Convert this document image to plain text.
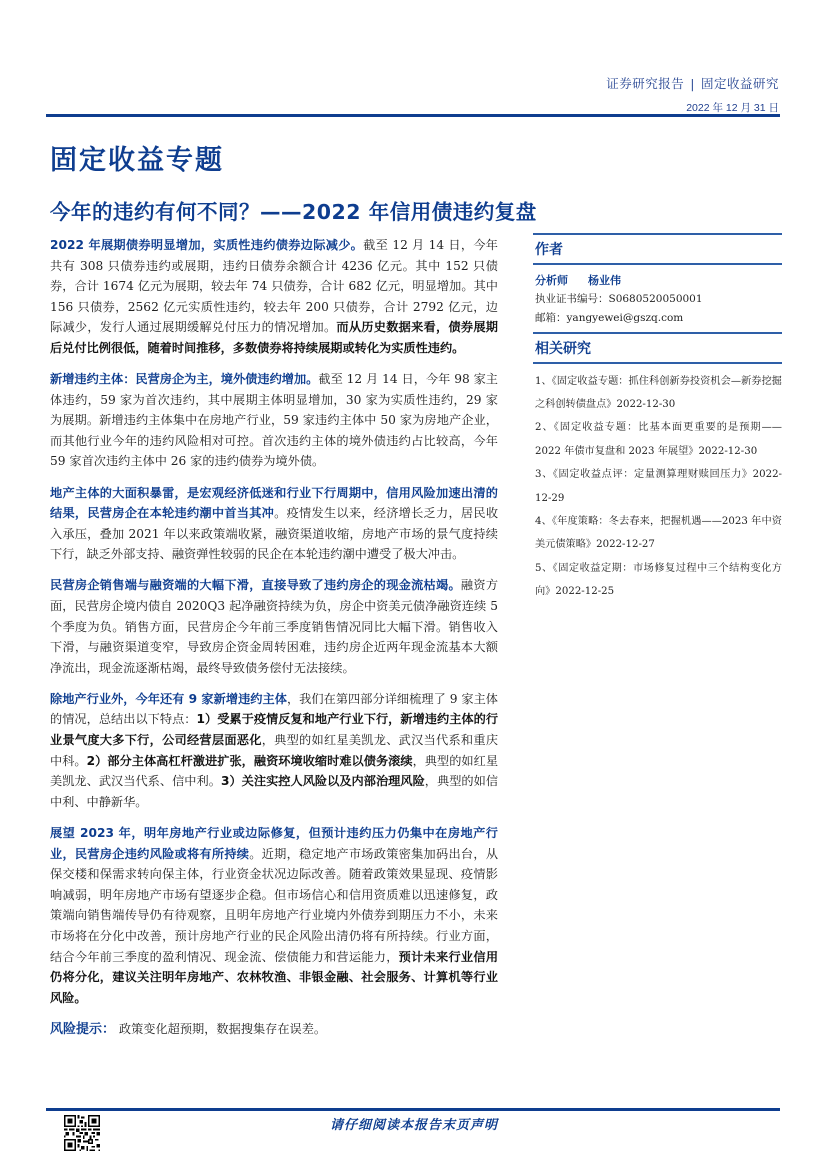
证券研究报告 | 固定收益研究
2022 年 12 月 31 日
固定收益专题
今年的违约有何不同？——2022 年信用债违约复盘

2022 年展期债券明显增加，实质性违约债券边际减少。截至 12 月 14 日，今年共有 308 只债券违约或展期，违约日债券余额合计 4236 亿元。其中 152 只债券，合计 1674 亿元为展期，较去年 74 只债券，合计 682 亿元，明显增加。其中 156 只债券，2562 亿元实质性违约，较去年 200 只债券，合计 2792 亿元，边际减少，发行人通过展期缓解兑付压力的情况增加。而从历史数据来看，债券展期后兑付比例很低，随着时间推移，多数债券将持续展期或转化为实质性违约。

新增违约主体：民营房企为主，境外债违约增加。截至 12 月 14 日，今年 98 家主体违约，59 家为首次违约，其中展期主体明显增加，30 家为实质性违约，29 家为展期。新增违约主体集中在房地产行业，59 家违约主体中 50 家为房地产企业，而其他行业今年的违约风险相对可控。首次违约主体的境外债违约占比较高，今年 59 家首次违约主体中 26 家的违约债券为境外债。

地产主体的大面积暴雷，是宏观经济低迷和行业下行周期中，信用风险加速出清的结果，民营房企在本轮违约潮中首当其冲。疫情发生以来，经济增长乏力，居民收入承压，叠加 2021 年以来政策端收紧，融资渠道收缩，房地产市场的景气度持续下行，缺乏外部支持、融资弹性较弱的民企在本轮违约潮中遭受了极大冲击。

民营房企销售端与融资端的大幅下滑，直接导致了违约房企的现金流枯竭。融资方面，民营房企境内债自 2020Q3 起净融资持续为负，房企中资美元债净融资连续 5 个季度为负。销售方面，民营房企今年前三季度销售情况同比大幅下滑。销售收入下滑，与融资渠道变窄，导致房企资金周转困难，违约房企近两年现金流基本大额净流出，现金流逐渐枯竭，最终导致债务偿付无法接续。

除地产行业外，今年还有 9 家新增违约主体，我们在第四部分详细梳理了 9 家主体的情况，总结出以下特点：1）受累于疫情反复和地产行业下行，新增违约主体的行业景气度大多下行，公司经营层面恶化，典型的如红星美凯龙、武汉当代系和重庆中科。2）部分主体高杠杆激进扩张，融资环境收缩时难以债务滚续，典型的如红星美凯龙、武汉当代系、信中利。3）关注实控人风险以及内部治理风险，典型的如信中利、中静新华。

展望 2023 年，明年房地产行业或边际修复，但预计违约压力仍集中在房地产行业，民营房企违约风险或将有所持续。近期，稳定地产市场政策密集加码出台，从保交楼和保需求转向保主体，行业资金状况边际改善。随着政策效果显现、疫情影响减弱，明年房地产市场有望逐步企稳。但市场信心和信用资质难以迅速修复，政策端向销售端传导仍有待观察，且明年房地产行业境内外债券到期压力不小，未来市场将在分化中改善，预计房地产行业的民企风险出清仍将有所持续。行业方面，结合今年前三季度的盈利情况、现金流、偿债能力和营运能力，预计未来行业信用仍将分化，建议关注明年房地产、农林牧渔、非银金融、社会服务、计算机等行业风险。

风险提示： 政策变化超预期，数据搜集存在误差。

作者
分析师 杨业伟
执业证书编号：S0680520050001
邮箱：yangyewei@gszq.com
相关研究
1、《固定收益专题：抓住科创新券投资机会—新券挖掘之科创转债盘点》2022-12-30
2、《固定收益专题：比基本面更重要的是预期——2022 年债市复盘和 2023 年展望》2022-12-30
3、《固定收益点评：定量测算理财赎回压力》2022-12-29
4、《年度策略：冬去春来，把握机遇——2023 年中资美元债策略》2022-12-27
5、《固定收益定期：市场修复过程中三个结构变化方向》2022-12-25
请仔细阅读本报告末页声明
